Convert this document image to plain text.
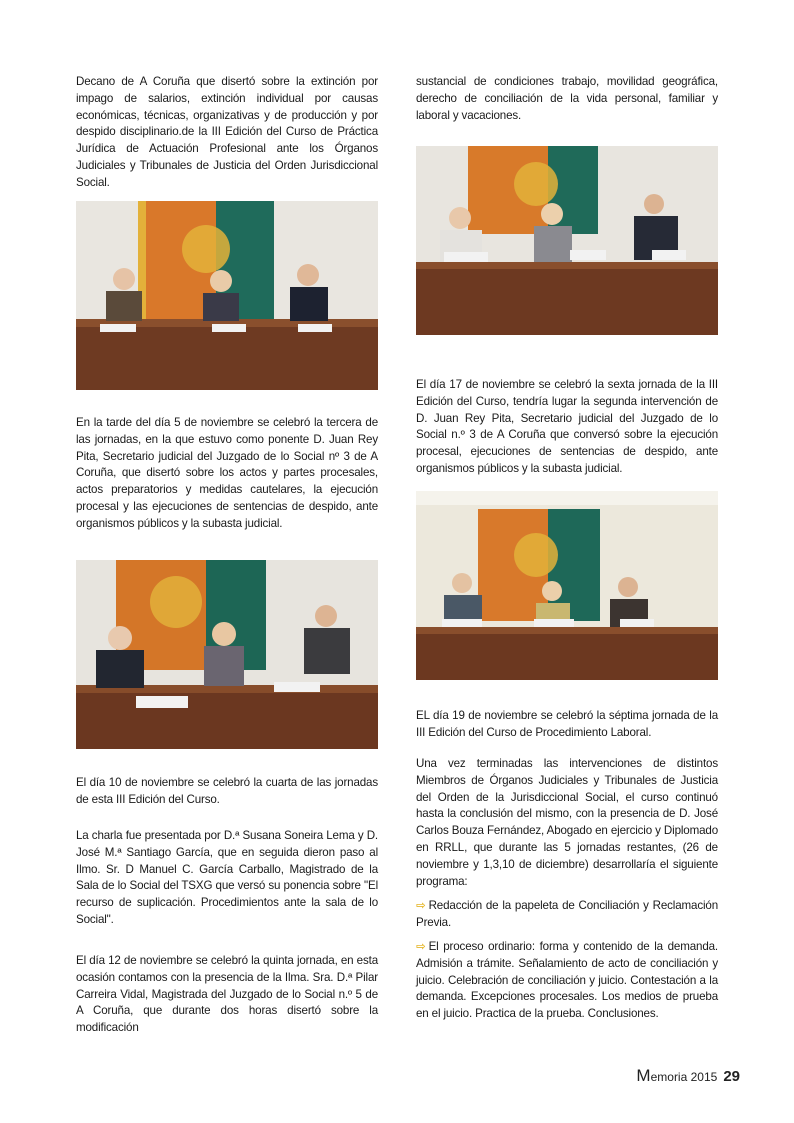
Decano de A Coruña que disertó sobre la extinción por impago de salarios, extinción individual por causas económicas, técnicas, organizativas y de producción y por despido disciplinario.de la III Edición del Curso de Práctica Jurídica de Actuación Profesional ante los Órganos Judiciales y Tribunales de Justicia del Orden Jurisdiccional Social.

En la tarde del día 5 de noviembre se celebró la tercera de las jornadas, en la que estuvo como ponente D. Juan Rey Pita, Secretario judicial del Juzgado de lo Social nº 3 de A Coruña, que disertó sobre los actos y partes procesales, actos preparatorios y medidas cautelares, la ejecución procesal y las ejecuciones de sentencias de despido, ante organismos públicos y la subasta judicial.

El día 10 de noviembre se celebró la cuarta de las jornadas de esta III Edición del Curso.

La charla fue presentada por D.ª Susana Soneira Lema y D. José M.ª Santiago García, que en seguida dieron paso al Ilmo. Sr. D Manuel C. García Carballo, Magistrado de la Sala de lo Social del TSXG que versó su ponencia sobre "El recurso de suplicación. Procedimientos ante la sala de lo Social".

El día 12 de noviembre se celebró la quinta jornada, en esta ocasión contamos con la presencia de la Ilma. Sra. D.ª Pilar Carreira Vidal, Magistrada del Juzgado de lo Social n.º 5 de A Coruña, que durante dos horas disertó sobre la modificación

sustancial de condiciones trabajo, movilidad geográfica, derecho de conciliación de la vida personal, familiar y laboral y vacaciones.

El día 17 de noviembre se celebró la sexta jornada de la III Edición del Curso, tendría lugar la segunda intervención de D. Juan Rey Pita, Secretario judicial del Juzgado de lo Social n.º 3 de A Coruña que conversó sobre la ejecución procesal, ejecuciones de sentencias de despido, ante organismos públicos y la subasta judicial.

EL día 19 de noviembre se celebró la séptima jornada de la III Edición del Curso de Procedimiento Laboral.

Una vez terminadas las intervenciones de distintos Miembros de Órganos Judiciales y Tribunales de Justicia del Orden de la Jurisdiccional Social, el curso continuó hasta la conclusión del mismo, con la presencia de D. José Carlos Bouza Fernández, Abogado en ejercicio y Diplomado en RRLL, que durante las 5 jornadas restantes, (26 de noviembre y 1,3,10 de diciembre) desarrollaría el siguiente programa:

⇨ Redacción de la papeleta de Conciliación y Reclamación Previa.

⇨ El proceso ordinario: forma y contenido de la demanda. Admisión a trámite. Señalamiento de acto de conciliación y juicio. Celebración de conciliación y juicio. Contestación a la demanda. Excepciones procesales. Los medios de prueba en el juicio. Practica de la prueba. Conclusiones.

Memoria 2015 29
